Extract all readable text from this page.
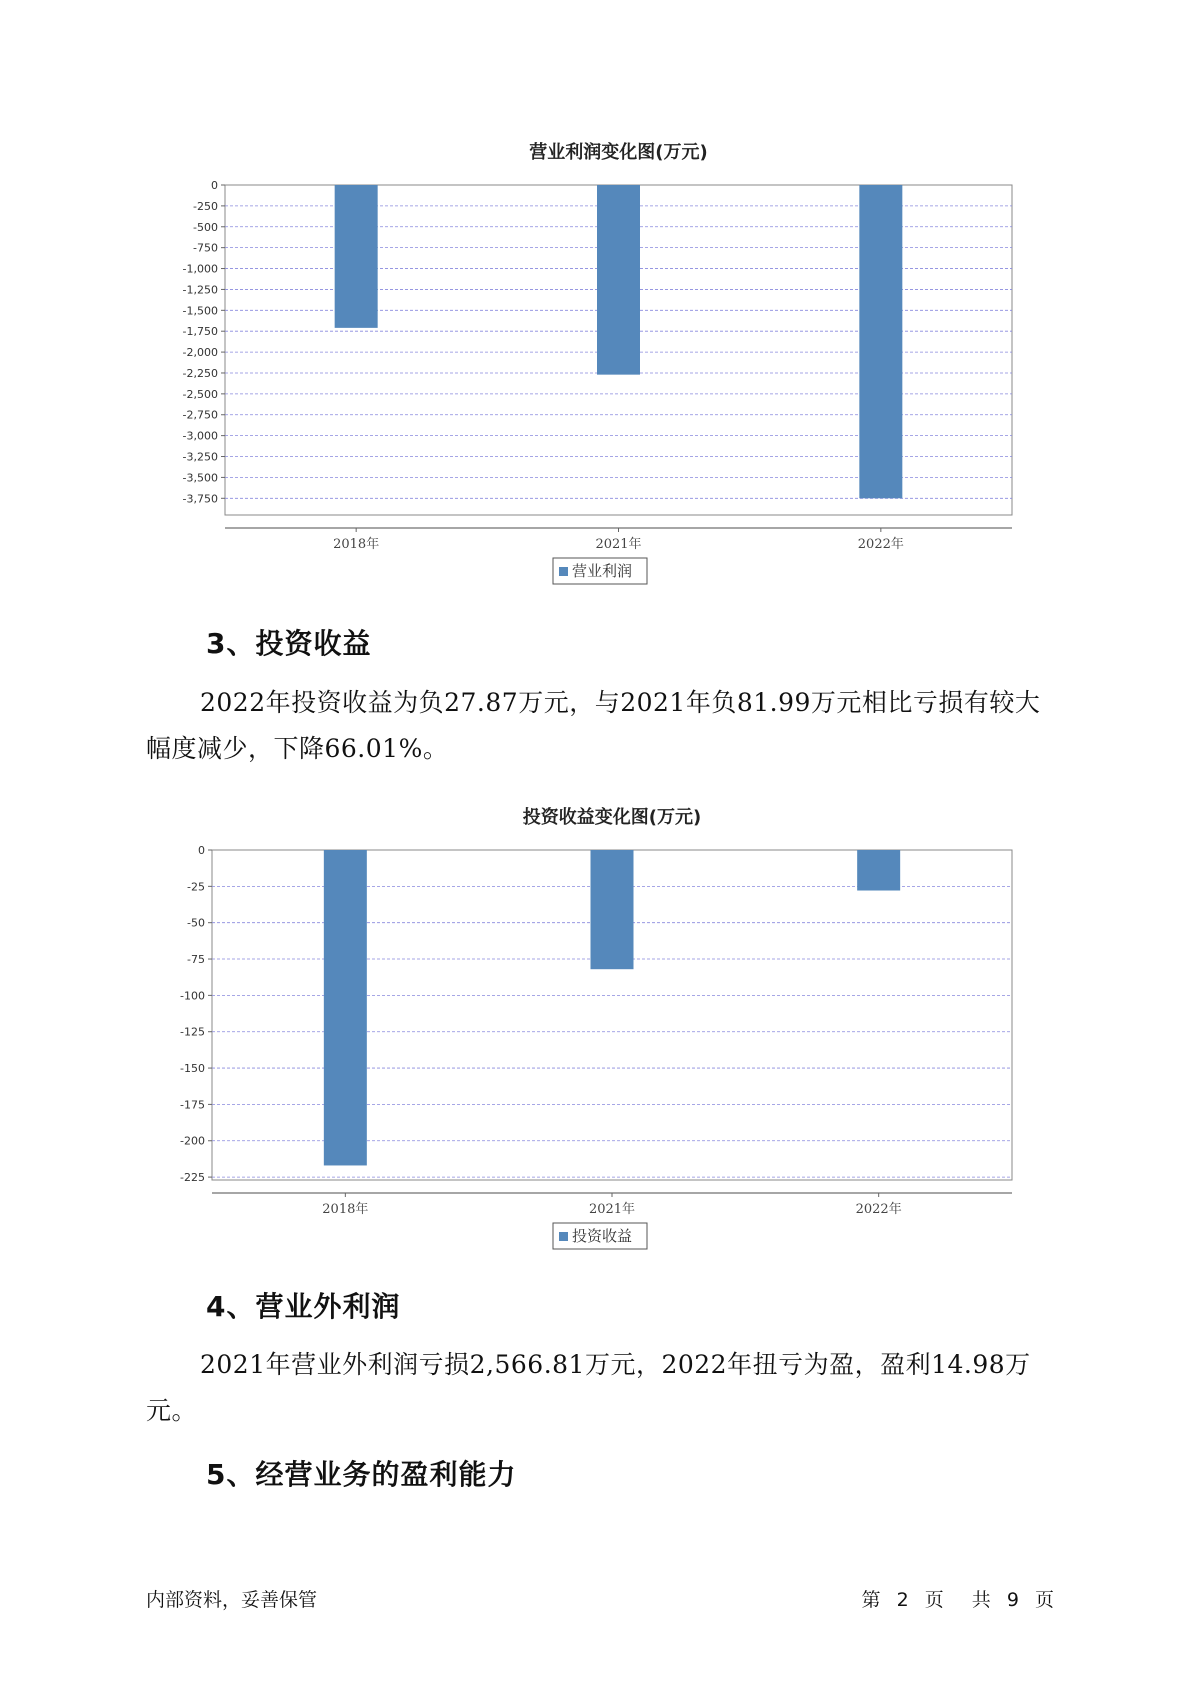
营业利润变化图(万元)
0
-250
-500
-750
-1,000
-1,250
-1,500
-1,750
-2,000
-2,250
-2,500
-2,750
-3,000
-3,250
-3,500
-3,750
2018年	2021年	2022年
营业利润
3、投资收益

2022年投资收益为负27.87万元，与2021年负81.99万元相比亏损有较大幅度减少，下降66.01%。

投资收益变化图(万元)
0
-25
-50
-75
-100
-125
-150
-175
-200
-225
2018年	2021年	2022年
投资收益
4、营业外利润

2021年营业外利润亏损2,566.81万元，2022年扭亏为盈，盈利14.98万元。

5、经营业务的盈利能力
内部资料，妥善保管	第 2 页 共 9 页
